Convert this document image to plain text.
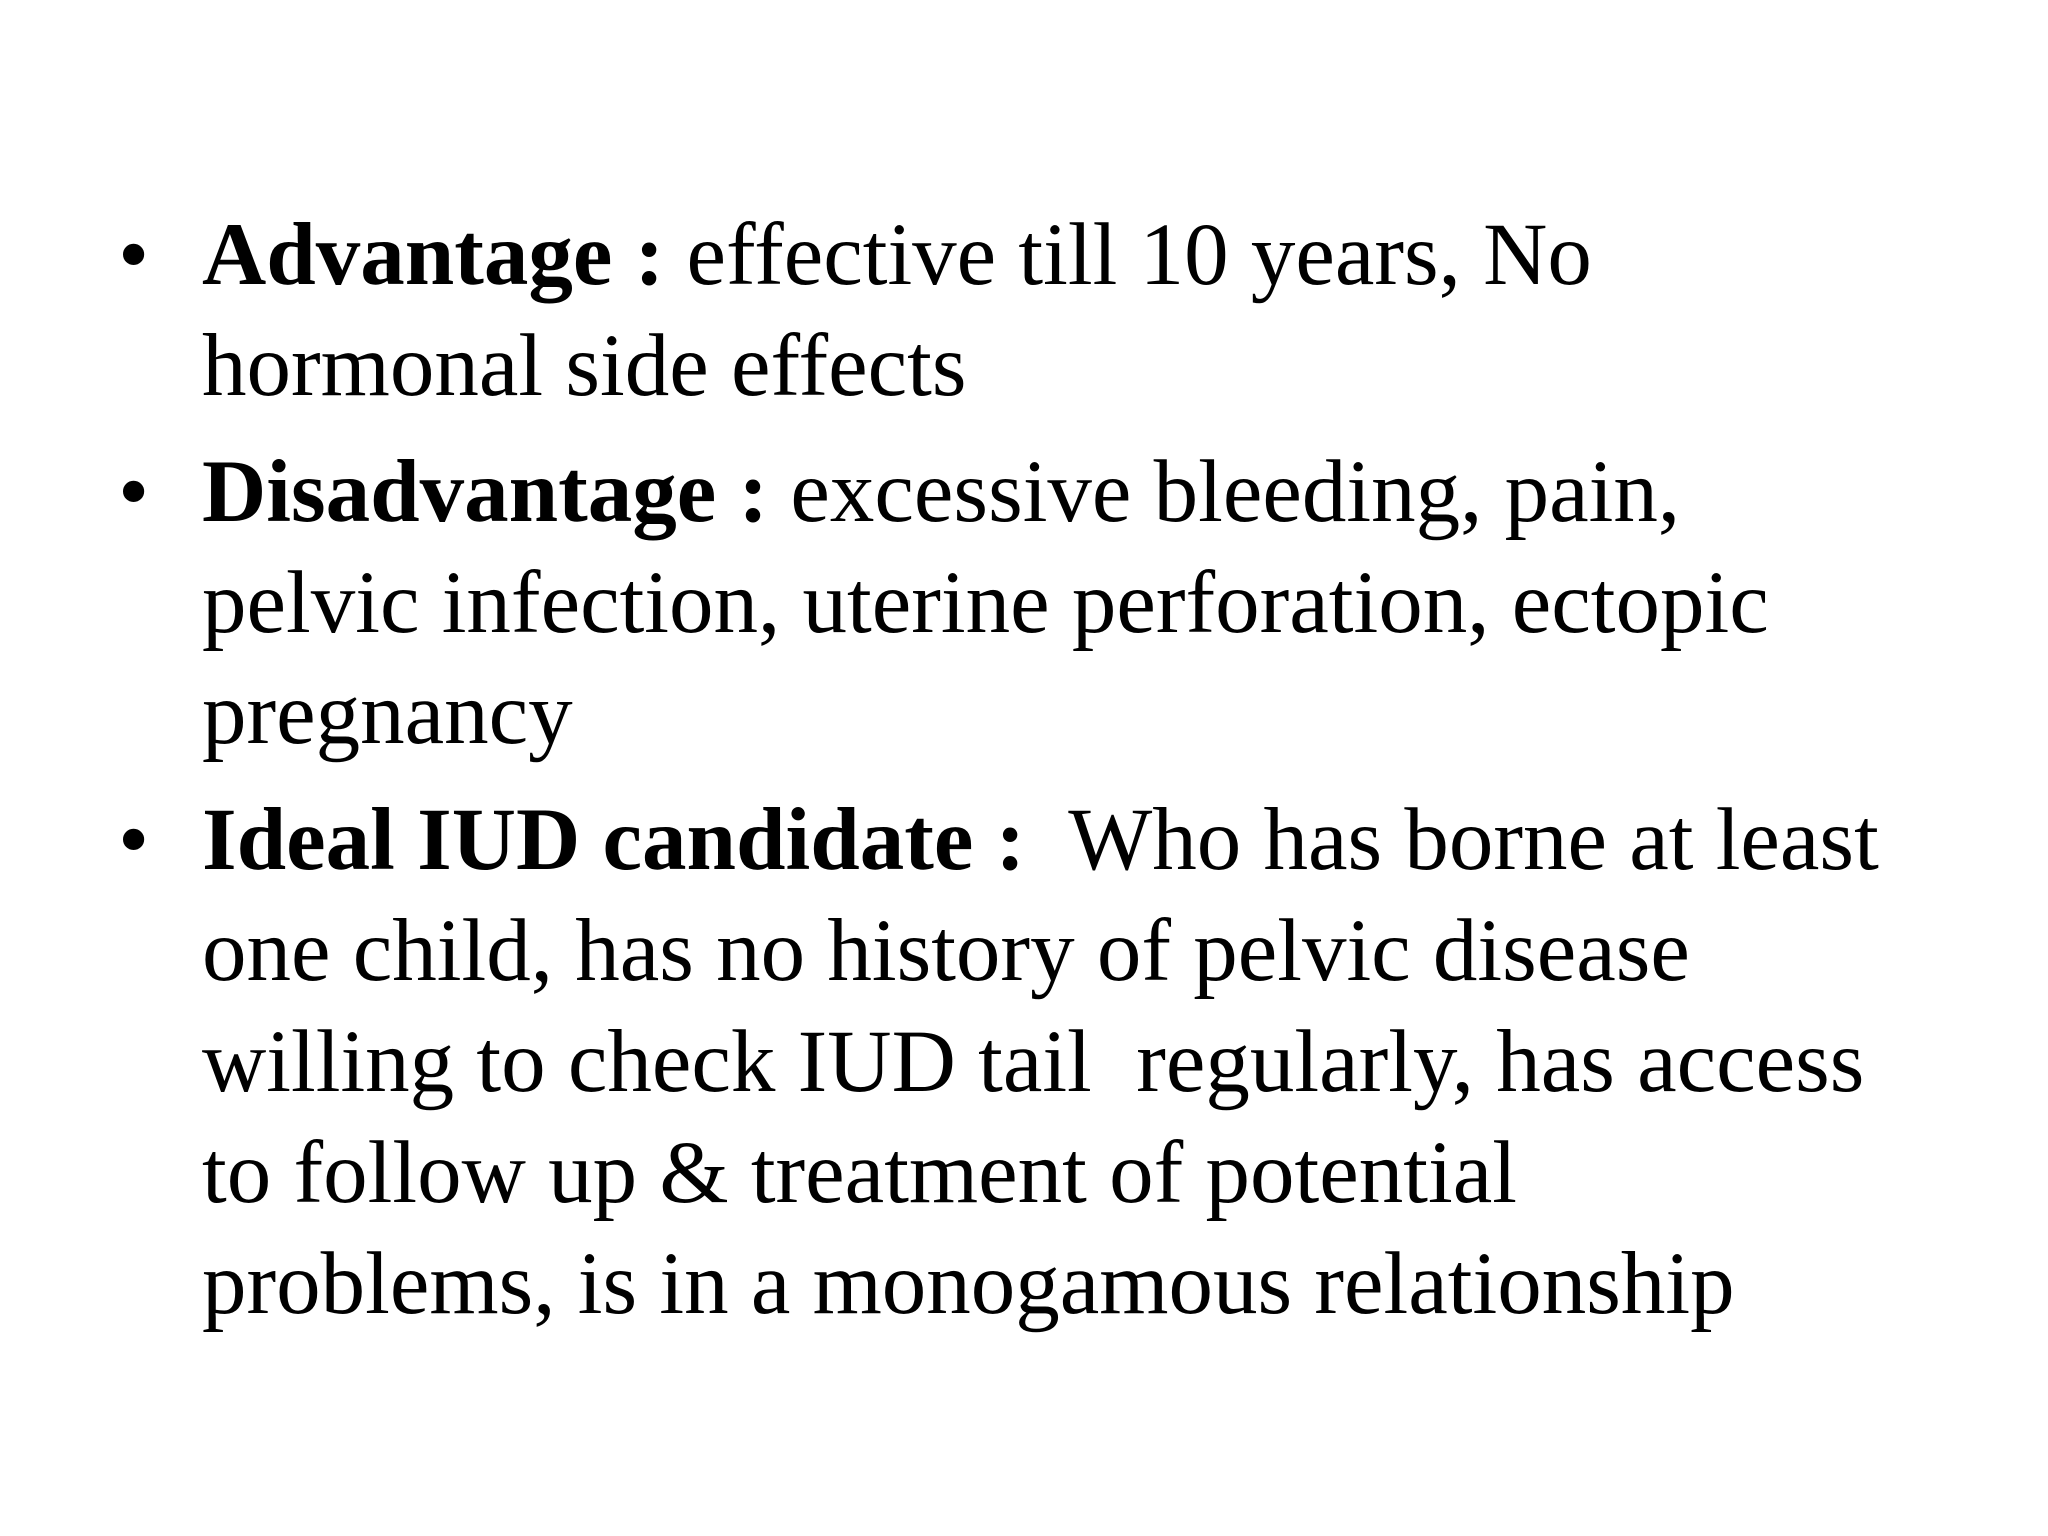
• Advantage : effective till 10 years, No
hormonal side effects
• Disadvantage : excessive bleeding, pain,
pelvic infection, uterine perforation, ectopic
pregnancy
• Ideal IUD candidate :  Who has borne at least
one child, has no history of pelvic disease
willing to check IUD tail  regularly, has access
to follow up & treatment of potential
problems, is in a monogamous relationship
